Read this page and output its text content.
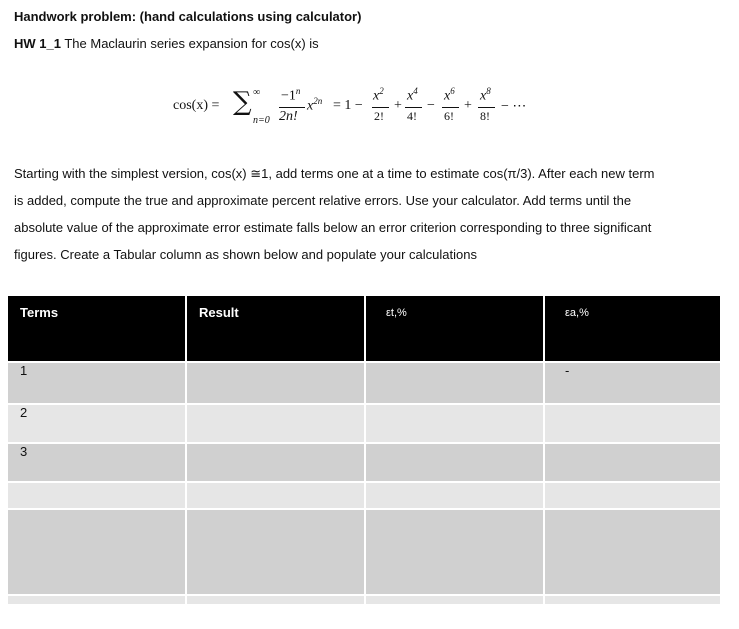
Handwork problem: (hand calculations using calculator)
HW 1_1 The Maclaurin series expansion for cos(x) is
cos(x) = ∑ ∞
n=0
$-1^n$
2n!
$x^{2n} = 1$ −
$x^2$
2!
+
$x^4$
4!
−
$x^6$
6!
+
$x^8$
8!
− ⋯

Starting with the simplest version, cos(x) ≅1, add terms one at a time to estimate cos(π/3). After each new term

is added, compute the true and approximate percent relative errors. Use your calculator. Add terms until the

absolute value of the approximate error estimate falls below an error criterion corresponding to three significant

figures. Create a Tabular column as shown below and populate your calculations

Terms	Result	εt,%	εa,%
1			-
2			
3			
